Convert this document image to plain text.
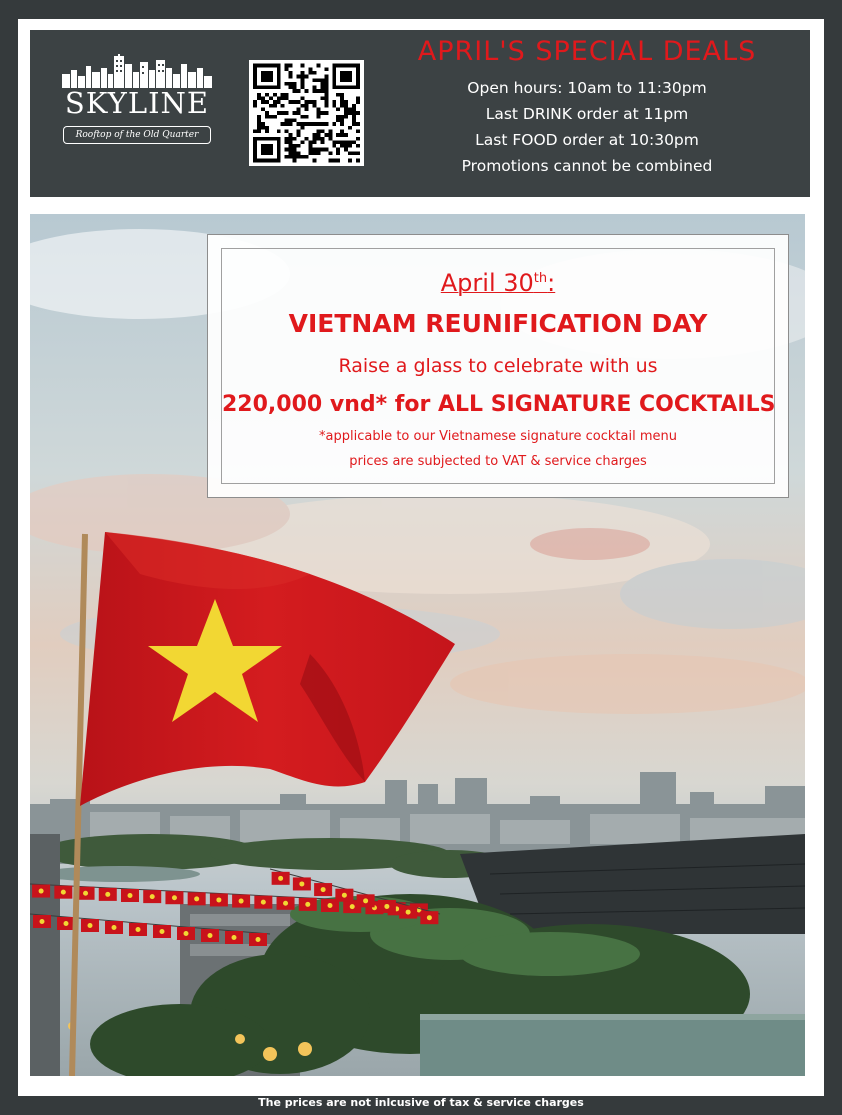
SKYLINE
Rooftop of the Old Quarter
APRIL'S SPECIAL DEALS
Open hours: 10am to 11:30pm
Last DRINK order at 11pm
Last FOOD order at 10:30pm
Promotions cannot be combined
April 30th:
VIETNAM REUNIFICATION DAY
Raise a glass to celebrate with us
220,000 vnd* for ALL SIGNATURE COCKTAILS
*applicable to our Vietnamese signature cocktail menu
prices are subjected to VAT & service charges
The prices are not inlcusive of tax & service charges
